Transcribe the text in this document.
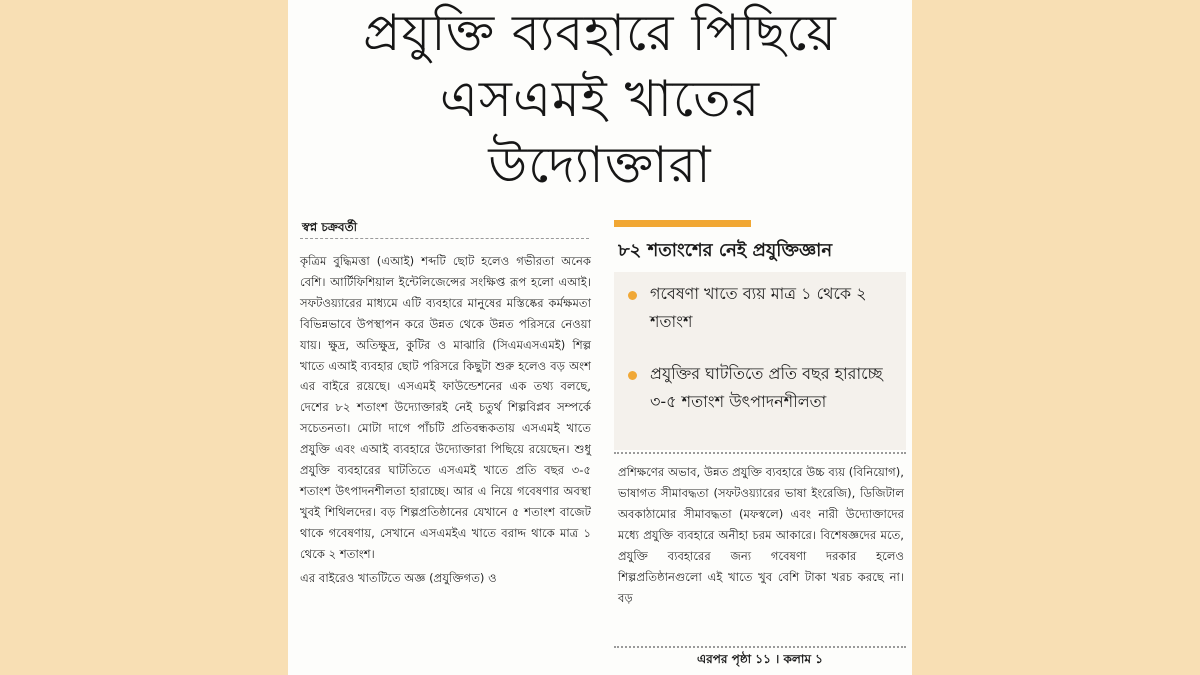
প্রযুক্তি ব্যবহারে পিছিয়ে
এসএমই খাতের
উদ্যোক্তারা
স্বপ্ন চক্রবর্তী

কৃত্রিম বুদ্ধিমত্তা (এআই) শব্দটি ছোট হলেও গভীরতা অনেক বেশি। আর্টিফিশিয়াল ইন্টেলিজেন্সের সংক্ষিপ্ত রূপ হলো এআই। সফটওয়্যারের মাধ্যমে এটি ব্যবহারে মানুষের মস্তিষ্কের কর্মক্ষমতা বিভিন্নভাবে উপস্থাপন করে উন্নত থেকে উন্নত পরিসরে নেওয়া যায়। ক্ষুদ্র, অতিক্ষুদ্র, কুটির ও মাঝারি (সিএমএসএমই) শিল্প খাতে এআই ব্যবহার ছোট পরিসরে কিছুটা শুরু হলেও বড় অংশ এর বাইরে রয়েছে। এসএমই ফাউন্ডেশনের এক তথ্য বলছে, দেশের ৮২ শতাংশ উদ্যোক্তারই নেই চতুর্থ শিল্পবিপ্লব সম্পর্কে সচেতনতা। মোটা দাগে পাঁচটি প্রতিবন্ধকতায় এসএমই খাতে প্রযুক্তি এবং এআই ব্যবহারে উদ্যোক্তারা পিছিয়ে রয়েছেন। শুধু প্রযুক্তি ব্যবহারের ঘাটতিতে এসএমই খাতে প্রতি বছর ৩-৫ শতাংশ উৎপাদনশীলতা হারাচ্ছে। আর এ নিয়ে গবেষণার অবস্থা খুবই শিথিলদের। বড় শিল্পপ্রতিষ্ঠানের যেখানে ৫ শতাংশ বাজেট থাকে গবেষণায়, সেখানে এসএমইএ খাতে বরাদ্দ থাকে মাত্র ১ থেকে ২ শতাংশ।

এর বাইরেও খাতটিতে অজ্ঞ (প্রযুক্তিগত) ও

৮২ শতাংশের নেই প্রযুক্তিজ্ঞান
গবেষণা খাতে ব্যয় মাত্র ১ থেকে ২ শতাংশ
প্রযুক্তির ঘাটতিতে প্রতি বছর হারাচ্ছে ৩-৫ শতাংশ উৎপাদনশীলতা

প্রশিক্ষণের অভাব, উন্নত প্রযুক্তি ব্যবহারে উচ্চ ব্যয় (বিনিয়োগ), ভাষাগত সীমাবদ্ধতা (সফটওয়্যারের ভাষা ইংরেজি), ডিজিটাল অবকাঠামোর সীমাবদ্ধতা (মফস্বলে) এবং নারী উদ্যোক্তাদের মধ্যে প্রযুক্তি ব্যবহারে অনীহা চরম আকারে। বিশেষজ্ঞদের মতে, প্রযুক্তি ব্যবহারের জন্য গবেষণা দরকার হলেও শিল্পপ্রতিষ্ঠানগুলো এই খাতে খুব বেশি টাকা খরচ করছে না। বড়

এরপর পৃষ্ঠা ১১ । কলাম ১
